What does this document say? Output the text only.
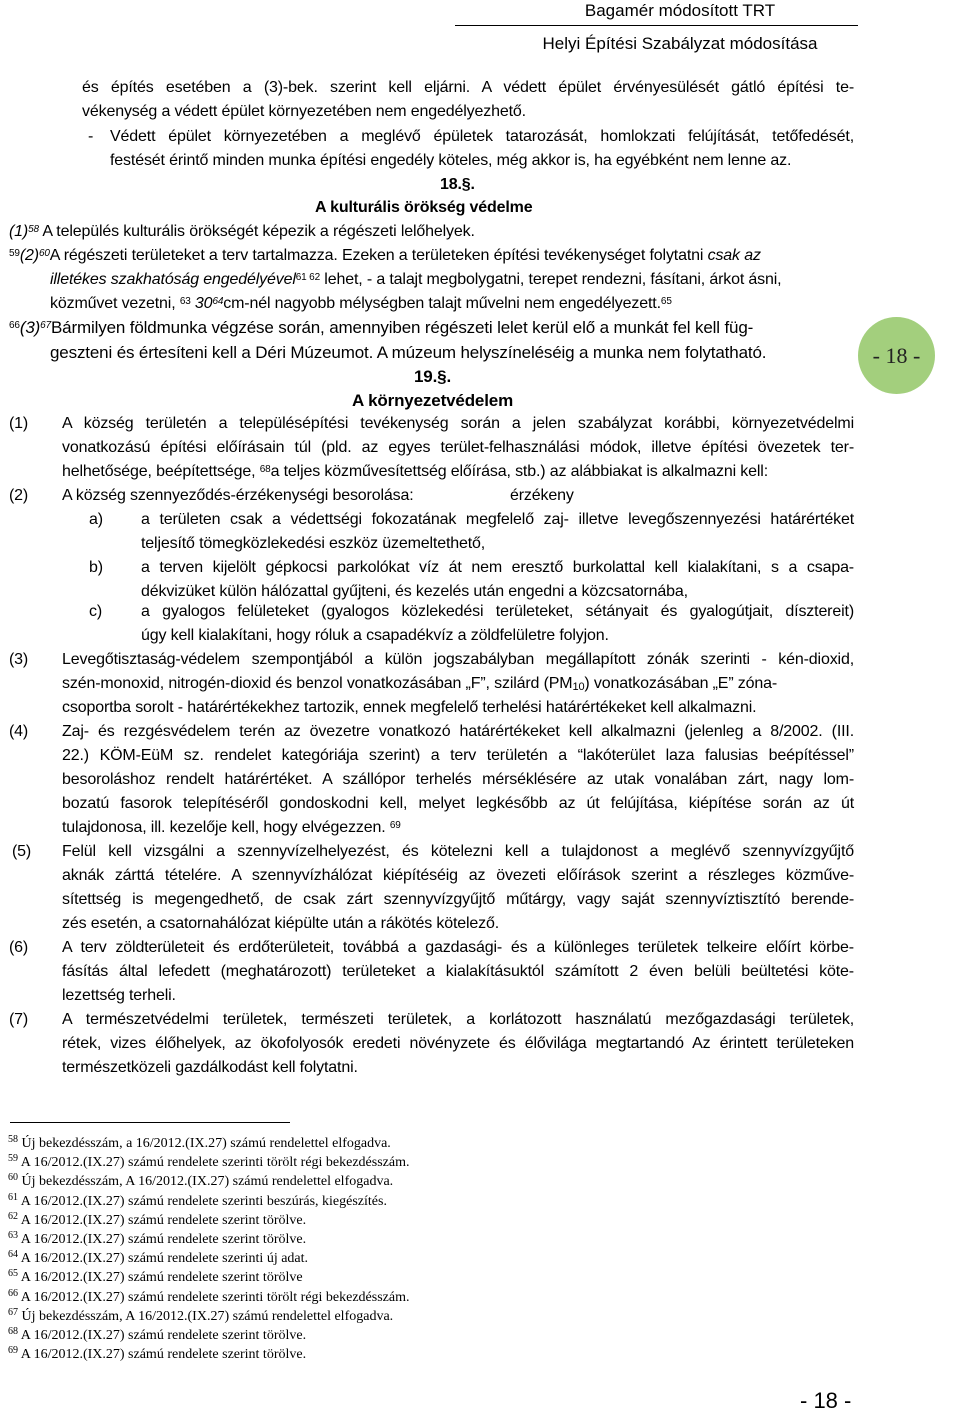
Bagamér módosított TRT
Helyi Építési Szabályzat módosítása
- 18 -
és építés esetében a (3)-bek. szerint kell eljárni. A védett épület érvényesülését gátló építési te-
vékenység a védett épület környezetében nem engedélyezhető.
- Védett épület környezetében a meglévő épületek tatarozását, homlokzati felújítását, tetőfedését,
festését érintő minden munka építési engedély köteles, még akkor is, ha egyébként nem lenne az.
18.§.
A kulturális örökség védelme
$(1)^{58}$ A település kulturális örökségét képezik a régészeti lelőhelyek.
$^{59}(2)^{60}A$ régészeti területeket a terv tartalmazza. Ezeken a területeken építési tevékenységet folytatni csak az
illetékes szakhatóság engedélyével$^{61 62}$ lehet, - a talajt megbolygatni, terepet rendezni, fásítani, árkot ásni,
közművet vezetni, $^{63}$ $30^{64}cm$-nél nagyobb mélységben talajt művelni nem engedélyezett.$^{65}$
$^{66}(3)^{67}Bármilyen$ földmunka végzése során, amennyiben régészeti lelet kerül elő a munkát fel kell füg-
geszteni és értesíteni kell a Déri Múzeumot. A múzeum helyszíneléséig a munka nem folytatható.
19.§.
A környezetvédelem
(1) A község területén a településépítési tevékenység során a jelen szabályzat korábbi, környezetvédelmi
vonatkozású építési előírásain túl (pld. az egyes terület-felhasználási módok, illetve építési övezetek ter-
helhetősége, beépítettsége, $^{68}$a teljes közművesítettség előírása, stb.) az alábbiakat is alkalmazni kell:
(2) A község szennyeződés-érzékenységi besorolása:	érzékeny
a) a területen csak a védettségi fokozatának megfelelő zaj- illetve levegőszennyezési határértéket
teljesítő tömegközlekedési eszköz üzemeltethető,
b) a terven kijelölt gépkocsi parkolókat víz át nem eresztő burkolattal kell kialakítani, s a csapa-
dékvizüket külön hálózattal gyűjteni, és kezelés után engedni a közcsatornába,
c) a gyalogos felületeket (gyalogos közlekedési területeket, sétányait és gyalogútjait, dísztereit)
úgy kell kialakítani, hogy róluk a csapadékvíz a zöldfelületre folyjon.
(3) Levegőtisztaság-védelem szempontjából a külön jogszabályban megállapított zónák szerinti - kén-dioxid,
szén-monoxid, nitrogén-dioxid és benzol vonatkozásában „F”, szilárd (PM 10 ) vonatkozásában „E” zóna-
csoportba sorolt - határértékekhez tartozik, ennek megfelelő terhelési határértékeket kell alkalmazni.
(4) Zaj- és rezgésvédelem terén az övezetre vonatkozó határértékeket kell alkalmazni (jelenleg a 8/2002. (III.
22.) KÖM-EüM sz. rendelet kategóriája szerint) a terv területén a “lakóterület laza falusias beépítéssel”
besoroláshoz rendelt határértéket. A szállópor terhelés mérséklésére az utak vonalában zárt, nagy lom-
bozatú fasorok telepítéséről gondoskodni kell, melyet legkésőbb az út felújítása, kiépítése során az út
tulajdonosa, ill. kezelője kell, hogy elvégezzen. $^{69}$
(5) Felül kell vizsgálni a szennyvízelhelyezést, és kötelezni kell a tulajdonost a meglévő szennyvízgyűjtő
aknák zárttá tételére. A szennyvízhálózat kiépítéséig az övezeti előírások szerint a részleges közműve-
sítettség is megengedhető, de csak zárt szennyvízgyűjtő műtárgy, vagy saját szennyvíztisztító berende-
zés esetén, a csatornahálózat kiépülte után a rákötés kötelező.
(6) A terv zöldterületeit és erdőterületeit, továbbá a gazdasági- és a különleges területek telkeire előírt körbe-
fásítás által lefedett (meghatározott) területeket a kialakításuktól számított 2 éven belüli beültetési köte-
lezettség terheli.
(7) A természetvédelmi területek, természeti területek, a korlátozott használatú mezőgazdasági területek,
rétek, vizes élőhelyek, az ökofolyosók eredeti növényzete és élővilága megtartandó Az érintett területeken
természetközeli gazdálkodást kell folytatni.
$^{58}$ Új bekezdésszám, a 16/2012.(IX.27) számú rendelettel elfogadva.
$^{59}$ A 16/2012.(IX.27) számú rendelete szerinti törölt régi bekezdésszám.
$^{60}$ Új bekezdésszám, A 16/2012.(IX.27) számú rendelettel elfogadva.
$^{61}$ A 16/2012.(IX.27) számú rendelete szerinti beszúrás, kiegészítés.
$^{62}$ A 16/2012.(IX.27) számú rendelete szerint törölve.
$^{63}$ A 16/2012.(IX.27) számú rendelete szerint törölve.
$^{64}$ A 16/2012.(IX.27) számú rendelete szerinti új adat.
$^{65}$ A 16/2012.(IX.27) számú rendelete szerint törölve
$^{66}$ A 16/2012.(IX.27) számú rendelete szerinti törölt régi bekezdésszám.
$^{67}$ Új bekezdésszám, A 16/2012.(IX.27) számú rendelettel elfogadva.
$^{68}$ A 16/2012.(IX.27) számú rendelete szerint törölve.
$^{69}$ A 16/2012.(IX.27) számú rendelete szerint törölve.
- 18 -
